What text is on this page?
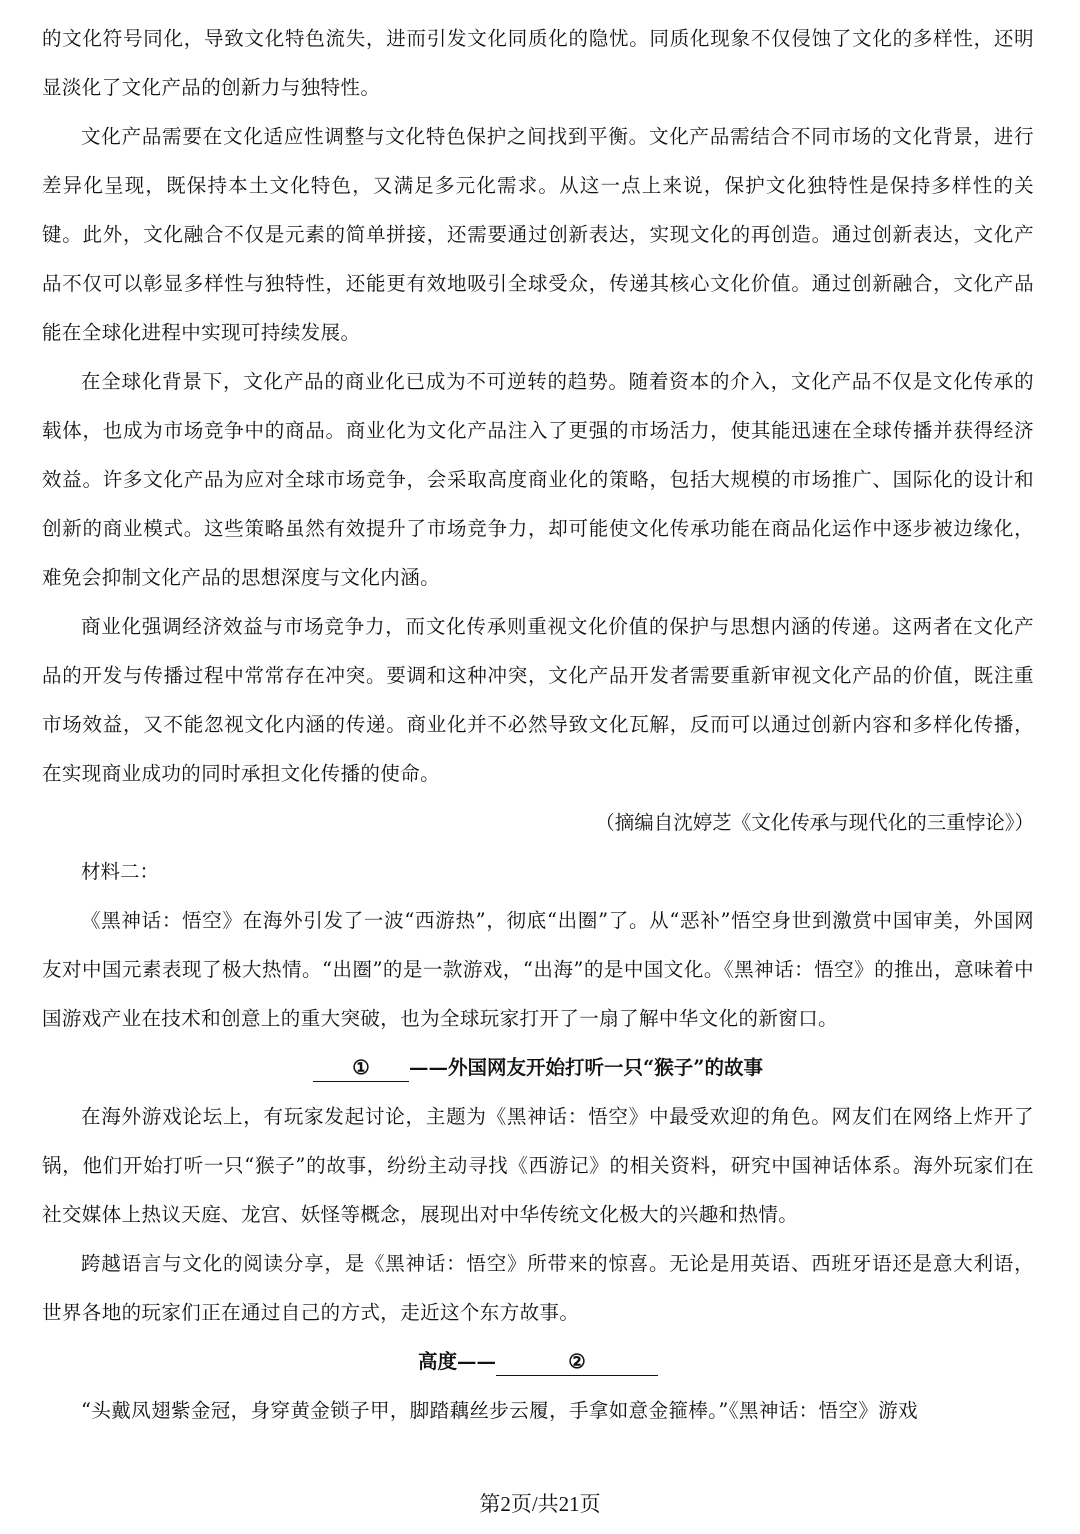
的文化符号同化，导致文化特色流失，进而引发文化同质化的隐忧。同质化现象不仅侵蚀了文化的多样性，还明显淡化了文化产品的创新力与独特性。

文化产品需要在文化适应性调整与文化特色保护之间找到平衡。文化产品需结合不同市场的文化背景，进行差异化呈现，既保持本土文化特色，又满足多元化需求。从这一点上来说，保护文化独特性是保持多样性的关键。此外，文化融合不仅是元素的简单拼接，还需要通过创新表达，实现文化的再创造。通过创新表达，文化产品不仅可以彰显多样性与独特性，还能更有效地吸引全球受众，传递其核心文化价值。通过创新融合，文化产品能在全球化进程中实现可持续发展。

在全球化背景下，文化产品的商业化已成为不可逆转的趋势。随着资本的介入，文化产品不仅是文化传承的载体，也成为市场竞争中的商品。商业化为文化产品注入了更强的市场活力，使其能迅速在全球传播并获得经济效益。许多文化产品为应对全球市场竞争，会采取高度商业化的策略，包括大规模的市场推广、国际化的设计和创新的商业模式。这些策略虽然有效提升了市场竞争力，却可能使文化传承功能在商品化运作中逐步被边缘化，难免会抑制文化产品的思想深度与文化内涵。

商业化强调经济效益与市场竞争力，而文化传承则重视文化价值的保护与思想内涵的传递。这两者在文化产品的开发与传播过程中常常存在冲突。要调和这种冲突，文化产品开发者需要重新审视文化产品的价值，既注重市场效益，又不能忽视文化内涵的传递。商业化并不必然导致文化瓦解，反而可以通过创新内容和多样化传播，在实现商业成功的同时承担文化传播的使命。

（摘编自沈婷芝《文化传承与现代化的三重悖论》）

材料二：

《黑神话：悟空》在海外引发了一波“西游热”，彻底“出圈”了。从“恶补”悟空身世到激赏中国审美，外国网友对中国元素表现了极大热情。“出圈”的是一款游戏，“出海”的是中国文化。《黑神话：悟空》的推出，意味着中国游戏产业在技术和创意上的重大突破，也为全球玩家打开了一扇了解中华文化的新窗口。

① ——外国网友开始打听一只“猴子”的故事

在海外游戏论坛上，有玩家发起讨论，主题为《黑神话：悟空》中最受欢迎的角色。网友们在网络上炸开了锅，他们开始打听一只“猴子”的故事，纷纷主动寻找《西游记》的相关资料，研究中国神话体系。海外玩家们在社交媒体上热议天庭、龙宫、妖怪等概念，展现出对中华传统文化极大的兴趣和热情。

跨越语言与文化的阅读分享，是《黑神话：悟空》所带来的惊喜。无论是用英语、西班牙语还是意大利语，世界各地的玩家们正在通过自己的方式，走近这个东方故事。

高度——	②

“头戴凤翅紫金冠，身穿黄金锁子甲，脚踏藕丝步云履，手拿如意金箍棒。”《黑神话：悟空》游戏

第2页/共21页
